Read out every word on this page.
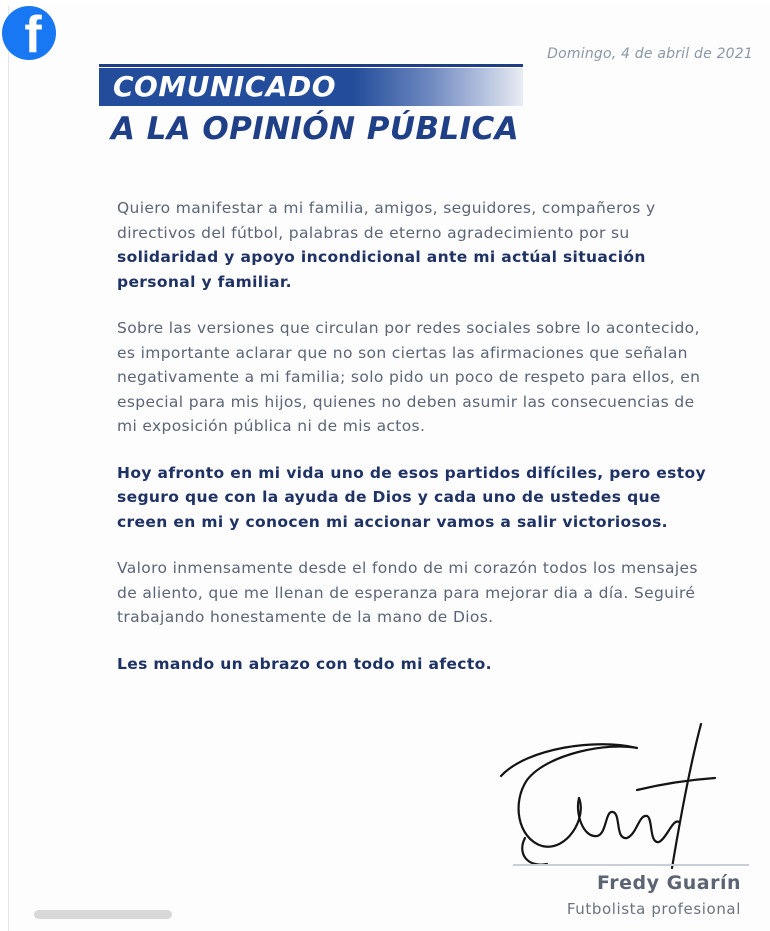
Domingo, 4 de abril de 2021
COMUNICADO
A LA OPINIÓN PÚBLICA

Quiero manifestar a mi familia, amigos, seguidores, compañeros y directivos del fútbol, palabras de eterno agradecimiento por su solidaridad y apoyo incondicional ante mi actúal situación personal y familiar.

Sobre las versiones que circulan por redes sociales sobre lo acontecido, es importante aclarar que no son ciertas las afirmaciones que señalan negativamente a mi familia; solo pido un poco de respeto para ellos, en especial para mis hijos, quienes no deben asumir las consecuencias de mi exposición pública ni de mis actos.

Hoy afronto en mi vida uno de esos partidos difíciles, pero estoy seguro que con la ayuda de Dios y cada uno de ustedes que creen en mi y conocen mi accionar vamos a salir victoriosos.

Valoro inmensamente desde el fondo de mi corazón todos los mensajes de aliento, que me llenan de esperanza para mejorar dia a día. Seguiré trabajando honestamente de la mano de Dios.

Les mando un abrazo con todo mi afecto.

Fredy Guarín
Futbolista profesional
f
